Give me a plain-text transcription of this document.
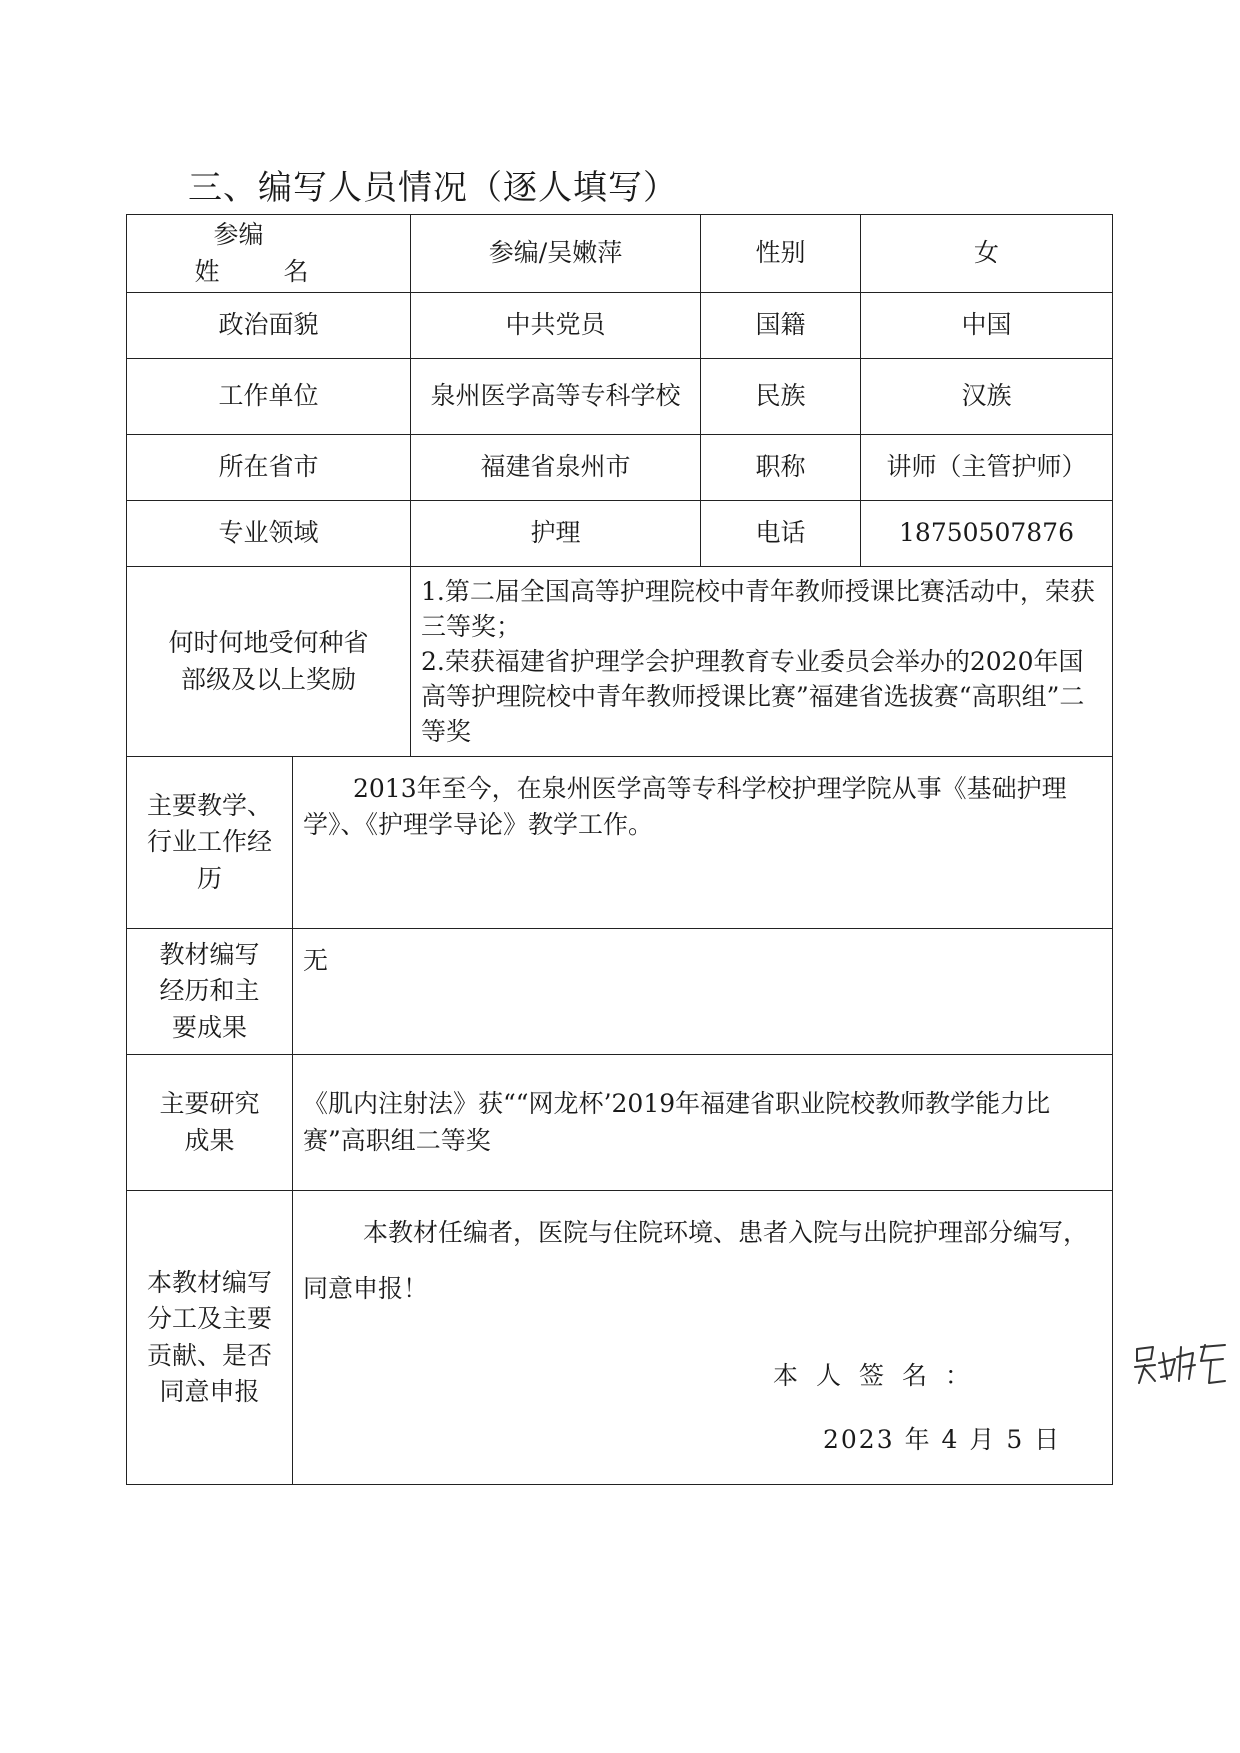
三、编写人员情况（逐人填写）
参编
姓名		参编/吴嫩萍	性别	女
政治面貌		中共党员	国籍	中国
工作单位		泉州医学高等专科学校	民族	汉族
所在省市		福建省泉州市	职称	讲师（主管护师）
专业领域		护理	电话	18750507876
何时何地受何种省部级及以上奖励		1.第二届全国高等护理院校中青年教师授课比赛活动中，荣获三等奖；
2.荣获福建省护理学会护理教育专业委员会举办的2020年国高等护理院校中青年教师授课比赛”福建省选拔赛“高职组”二等奖		

主要教学、行业工作经历	2013年至今，在泉州医学高等专科学校护理学院从事《基础护理学》、《护理学导论》教学工作。			
教材编写经历和主要成果	无			
主要研究成果	《肌内注射法》获““网龙杯’2019年福建省职业院校教师教学能力比赛”高职组二等奖			
本教材编写分工及主要贡献、是否同意申报	本教材任编者，医院与住院环境、患者入院与出院护理部分编写，同意申报！
本人签名：
2023 年 4 月 5 日			
